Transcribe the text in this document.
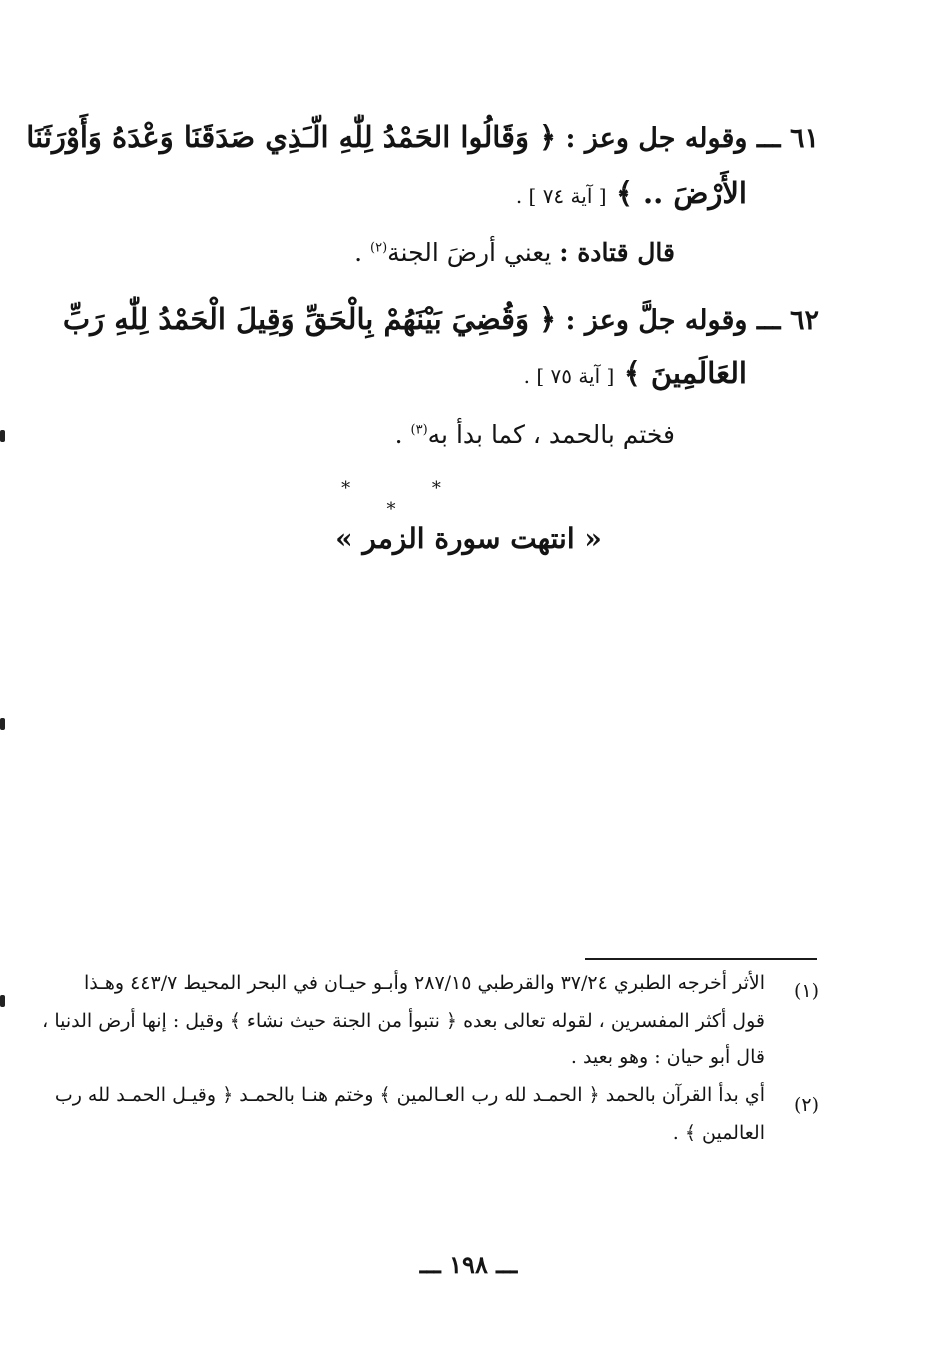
٦١ ـــ وقوله جل وعز : ﴿ وَقَالُوا الحَمْدُ لِلّٰهِ الّـَذِي صَدَقَنَا وَعْدَهُ وَأَوْرَثَنَا
الأَرْضَ .. ﴾ [ آية ٧٤ ] .
قال قتادة : يعني أرضَ الجنة$^{(٢)}$ .
٦٢ ـــ وقوله جلَّ وعز : ﴿ وَقُضِيَ بَيْنَهُمْ بِالْحَقِّ وَقِيلَ الْحَمْدُ لِلّٰهِ رَبِّ
العَالَمِينَ ﴾ [ آية ٧٥ ] .
فختم بالحمد ، كما بدأ به$^{(٣)}$ .
* * *
« انتهت سورة الزمر »
(١)
الأثر أخرجه الطبري ٣٧/٢٤ والقرطبي ٢٨٧/١٥ وأبـو حيـان في البحر المحيط ٤٤٣/٧ وهـذا
قول أكثر المفسرين ، لقوله تعالى بعده ﴿ نتبوأ من الجنة حيث نشاء ﴾ وقيل : إنها أرض الدنيا ،
قال أبو حيان : وهو بعيد .
(٢)
أي بدأ القرآن بالحمد ﴿ الحمـد لله رب العـالمين ﴾ وختم هنـا بالحمـد ﴿ وقيـل الحمـد لله رب
العالمين ﴾ .
ـــ ١٩٨ ـــ
